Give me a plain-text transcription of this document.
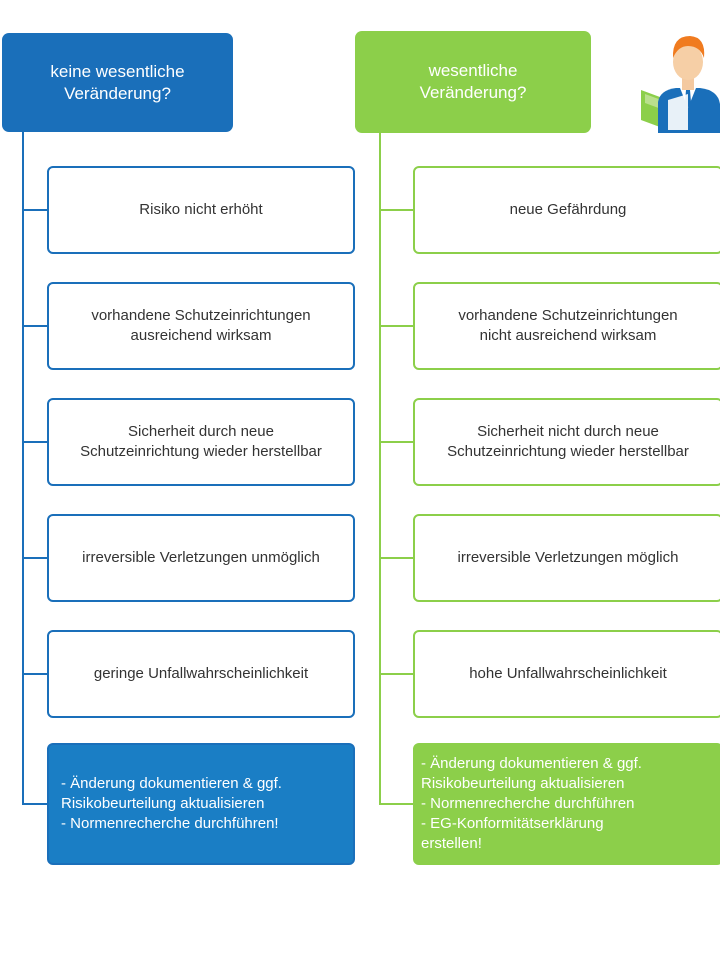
keine wesentliche
Veränderung?
wesentliche
Veränderung?
Risiko nicht erhöht
vorhandene Schutzeinrichtungen
ausreichend wirksam
Sicherheit durch neue
Schutzeinrichtung wieder herstellbar
irreversible Verletzungen unmöglich
geringe Unfallwahrscheinlichkeit
- Änderung dokumentieren & ggf.
Risikobeurteilung aktualisieren
- Normenrecherche durchführen!
neue Gefährdung
vorhandene Schutzeinrichtungen
nicht ausreichend wirksam
Sicherheit nicht durch neue
Schutzeinrichtung wieder herstellbar
irreversible Verletzungen möglich
hohe Unfallwahrscheinlichkeit
- Änderung dokumentieren & ggf.
Risikobeurteilung aktualisieren
- Normenrecherche durchführen
- EG-Konformitätserklärung
erstellen!
